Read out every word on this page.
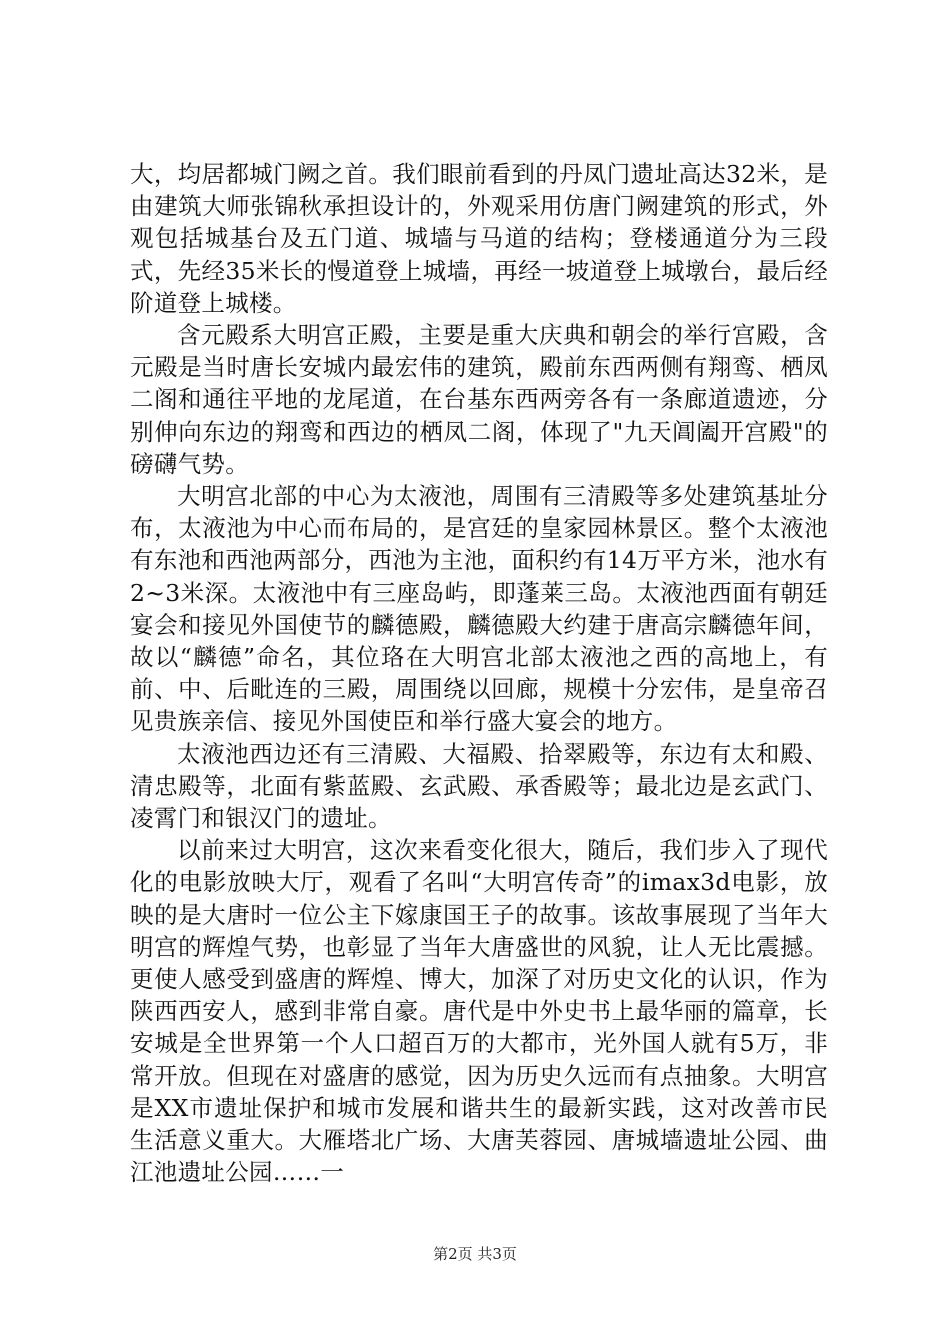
大，均居都城门阙之首。我们眼前看到的丹凤门遗址高达32米，是由建筑大师张锦秋承担设计的，外观采用仿唐门阙建筑的形式，外观包括城基台及五门道、城墙与马道的结构；登楼通道分为三段式，先经35米长的慢道登上城墙，再经一坡道登上城墩台，最后经阶道登上城楼。

含元殿系大明宫正殿，主要是重大庆典和朝会的举行宫殿，含元殿是当时唐长安城内最宏伟的建筑，殿前东西两侧有翔鸾、栖凤二阁和通往平地的龙尾道，在台基东西两旁各有一条廊道遗迹，分别伸向东边的翔鸾和西边的栖凤二阁，体现了"九天阊阖开宫殿"的磅礴气势。

大明宫北部的中心为太液池，周围有三清殿等多处建筑基址分布，太液池为中心而布局的，是宫廷的皇家园林景区。整个太液池有东池和西池两部分，西池为主池，面积约有14万平方米，池水有2~3米深。太液池中有三座岛屿，即蓬莱三岛。太液池西面有朝廷宴会和接见外国使节的麟德殿，麟德殿大约建于唐高宗麟德年间，故以“麟德”命名，其位珞在大明宫北部太液池之西的高地上，有前、中、后毗连的三殿，周围绕以回廊，规模十分宏伟，是皇帝召见贵族亲信、接见外国使臣和举行盛大宴会的地方。

太液池西边还有三清殿、大福殿、拾翠殿等，东边有太和殿、清忠殿等，北面有紫蓝殿、玄武殿、承香殿等；最北边是玄武门、凌霄门和银汉门的遗址。

以前来过大明宫，这次来看变化很大，随后，我们步入了现代化的电影放映大厅，观看了名叫“大明宫传奇”的imax3d电影，放映的是大唐时一位公主下嫁康国王子的故事。该故事展现了当年大明宫的辉煌气势，也彰显了当年大唐盛世的风貌，让人无比震撼。更使人感受到盛唐的辉煌、博大，加深了对历史文化的认识，作为陕西西安人，感到非常自豪。唐代是中外史书上最华丽的篇章，长安城是全世界第一个人口超百万的大都市，光外国人就有5万，非常开放。但现在对盛唐的感觉，因为历史久远而有点抽象。大明宫是XX市遗址保护和城市发展和谐共生的最新实践，这对改善市民生活意义重大。大雁塔北广场、大唐芙蓉园、唐城墙遗址公园、曲江池遗址公园……一

第2页 共3页
